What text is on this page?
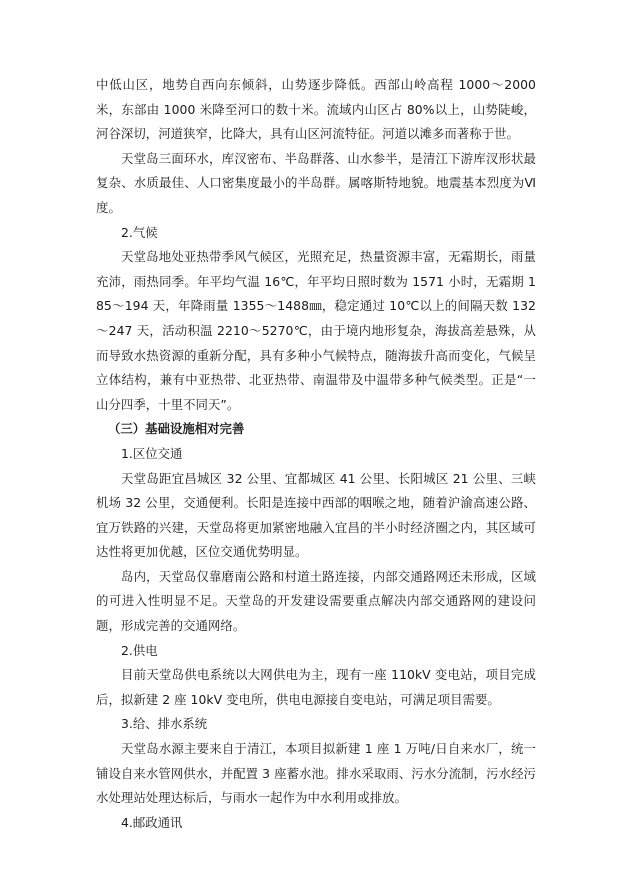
中低山区，地势自西向东倾斜，山势逐步降低。西部山岭高程 1000～2000 米，东部由 1000 米降至河口的数十米。流域内山区占 80%以上，山势陡峻，河谷深切，河道狭窄，比降大，具有山区河流特征。河道以滩多而著称于世。

天堂岛三面环水，库汊密布、半岛群落、山水参半，是清江下游库汊形状最复杂、水质最佳、人口密集度最小的半岛群。属喀斯特地貌。地震基本烈度为Ⅵ度。

2.气候

天堂岛地处亚热带季风气候区，光照充足，热量资源丰富，无霜期长，雨量充沛，雨热同季。年平均气温 16℃，年平均日照时数为 1571 小时，无霜期 185～194 天，年降雨量 1355～1488㎜，稳定通过 10℃以上的间隔天数 132～247 天，活动积温 2210～5270℃，由于境内地形复杂，海拔高差悬殊，从而导致水热资源的重新分配，具有多种小气候特点，随海拔升高而变化，气候呈立体结构，兼有中亚热带、北亚热带、南温带及中温带多种气候类型。正是“一山分四季，十里不同天”。

（三）基础设施相对完善

1.区位交通

天堂岛距宜昌城区 32 公里、宜都城区 41 公里、长阳城区 21 公里、三峡机场 32 公里，交通便利。长阳是连接中西部的咽喉之地，随着沪渝高速公路、宜万铁路的兴建，天堂岛将更加紧密地融入宜昌的半小时经济圈之内，其区域可达性将更加优越，区位交通优势明显。

岛内，天堂岛仅靠磨南公路和村道土路连接，内部交通路网还未形成，区域的可进入性明显不足。天堂岛的开发建设需要重点解决内部交通路网的建设问题，形成完善的交通网络。

2.供电

目前天堂岛供电系统以大网供电为主，现有一座 110kV 变电站，项目完成后，拟新建 2 座 10kV 变电所，供电电源接自变电站，可满足项目需要。

3.给、排水系统

天堂岛水源主要来自于清江，本项目拟新建 1 座 1 万吨/日自来水厂，统一铺设自来水管网供水，并配置 3 座蓄水池。排水采取雨、污水分流制，污水经污水处理站处理达标后，与雨水一起作为中水利用或排放。

4.邮政通讯
